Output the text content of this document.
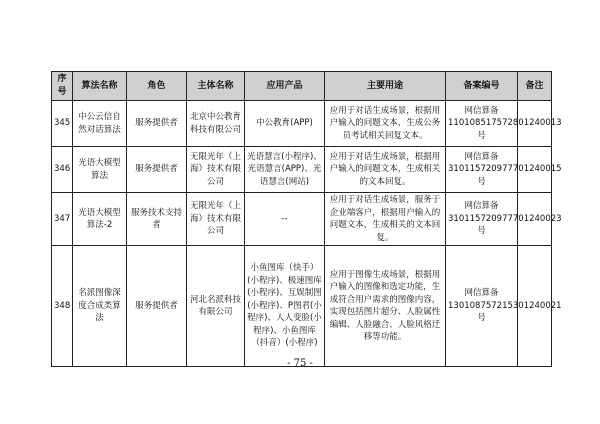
序号	算法名称	角色	主体名称	应用产品	主要用途	备案编号	备注
345	中公云信自然对话算法	服务提供者	北京中公教育科技有限公司	中公教育(APP)	应用于对话生成场景，根据用户输入的问题文本，生成公务员考试相关回复文本。	网信算备110108517572801240013号	
346	光语大模型算法	服务提供者	无限光年（上海）技术有限公司	光语慧言(小程序)、光语慧言(APP)、光语慧言(网站)	应用于对话生成场景，根据用户输入的问题文本，生成相关的文本回复。	网信算备310115720977701240015号	
347	光语大模型算法-2	服务技术支持者	无限光年（上海）技术有限公司	--	应用于对话生成场景，服务于企业端客户，根据用户输入的问题文本，生成相关的文本回复。	网信算备310115720977701240023号	
348	名派图像深度合成类算法	服务提供者	河北名派科技有限公司	小鱼图库（快手）(小程序)、极速图库(小程序)、互娱制图(小程序)、P图君(小程序)、人人变脸(小程序)、小鱼图库（抖音）(小程序)	应用于图像生成场景，根据用户输入的图像和选定功能，生成符合用户需求的图像内容，实现包括图片超分、人脸属性编辑、人脸融合、人脸风格迁移等功能。	网信算备130108757215301240021号	
- 75 -
